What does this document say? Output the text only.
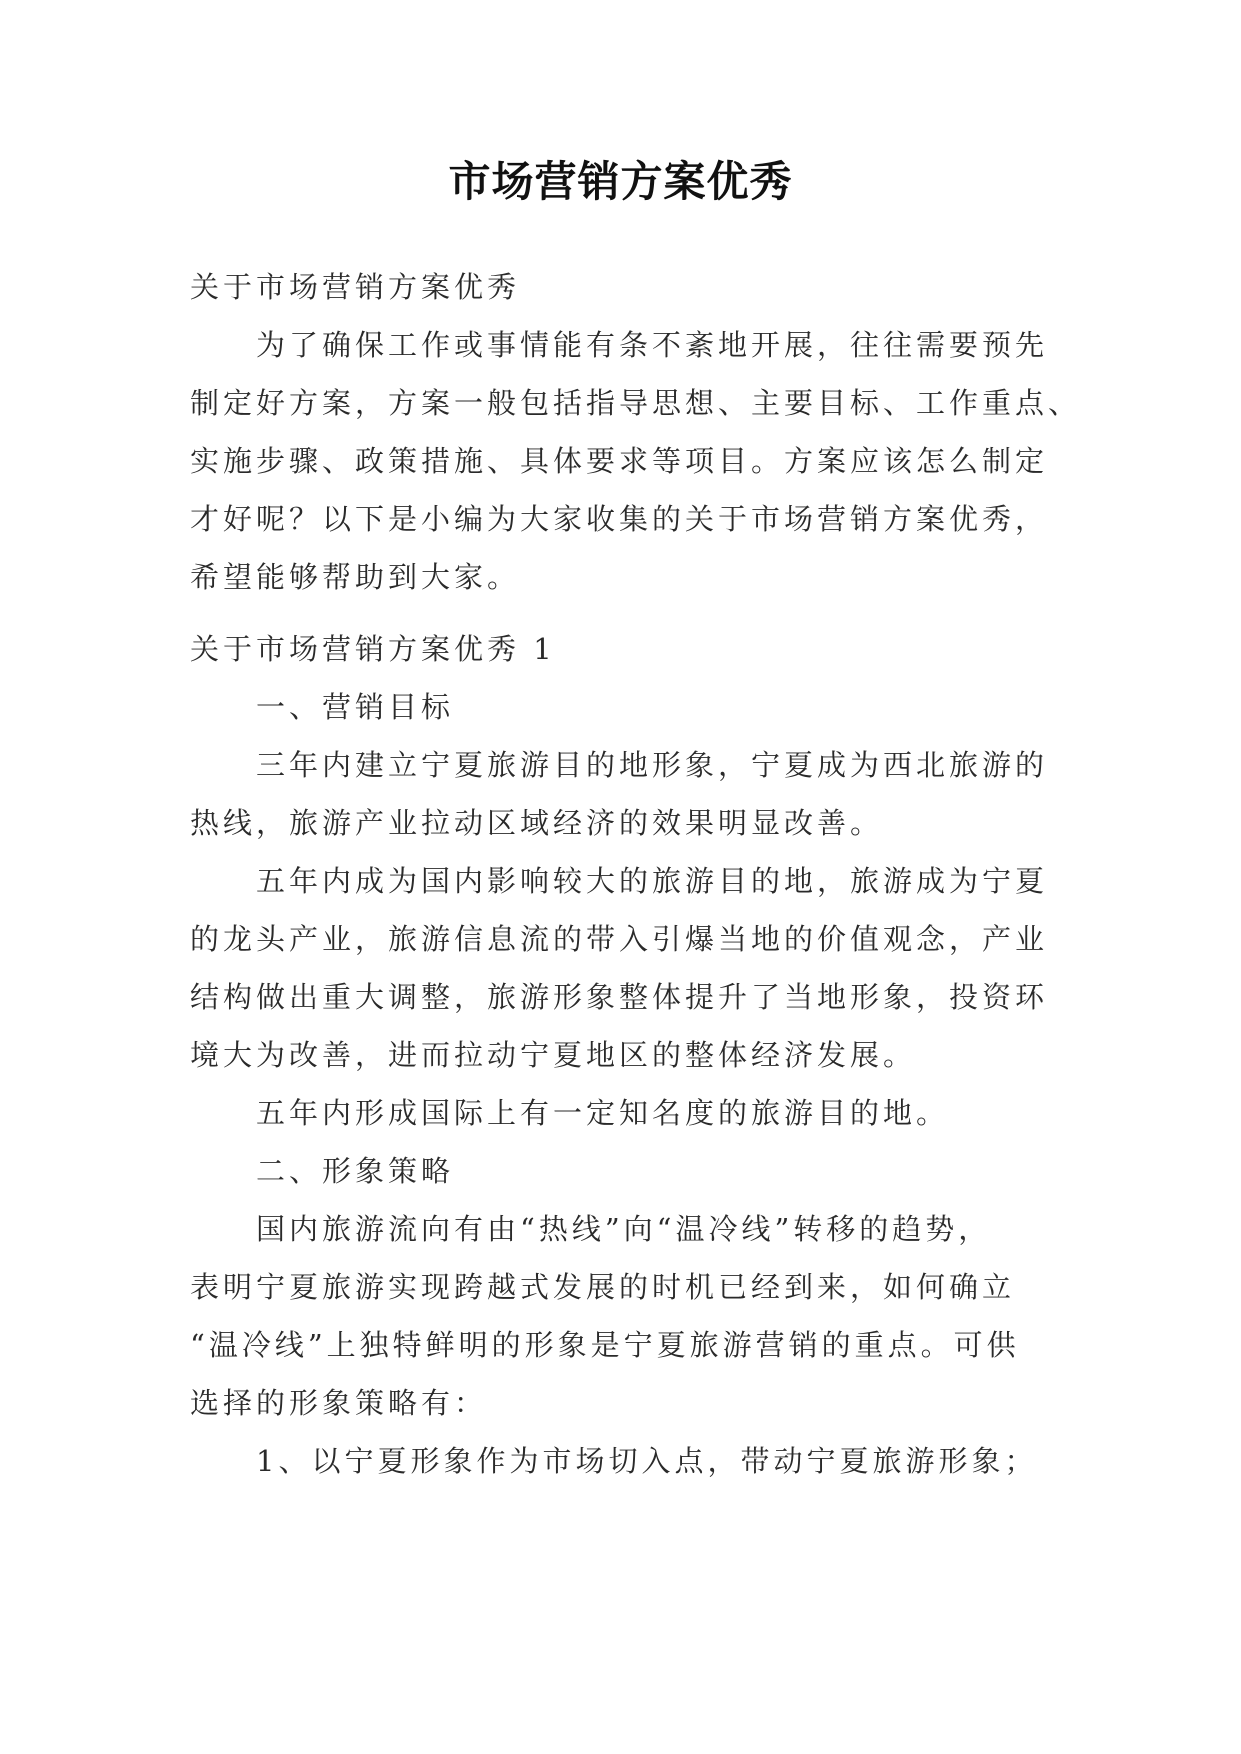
市场营销方案优秀
关于市场营销方案优秀
为了确保工作或事情能有条不紊地开展，往往需要预先
制定好方案，方案一般包括指导思想、主要目标、工作重点、
实施步骤、政策措施、具体要求等项目。方案应该怎么制定
才好呢？以下是小编为大家收集的关于市场营销方案优秀，
希望能够帮助到大家。
关于市场营销方案优秀 1
一、营销目标
三年内建立宁夏旅游目的地形象，宁夏成为西北旅游的
热线，旅游产业拉动区域经济的效果明显改善。
五年内成为国内影响较大的旅游目的地，旅游成为宁夏
的龙头产业，旅游信息流的带入引爆当地的价值观念，产业
结构做出重大调整，旅游形象整体提升了当地形象，投资环
境大为改善，进而拉动宁夏地区的整体经济发展。
五年内形成国际上有一定知名度的旅游目的地。
二、形象策略
国内旅游流向有由“热线”向“温冷线”转移的趋势，
表明宁夏旅游实现跨越式发展的时机已经到来，如何确立
“温冷线”上独特鲜明的形象是宁夏旅游营销的重点。可供
选择的形象策略有：
1、以宁夏形象作为市场切入点，带动宁夏旅游形象；
